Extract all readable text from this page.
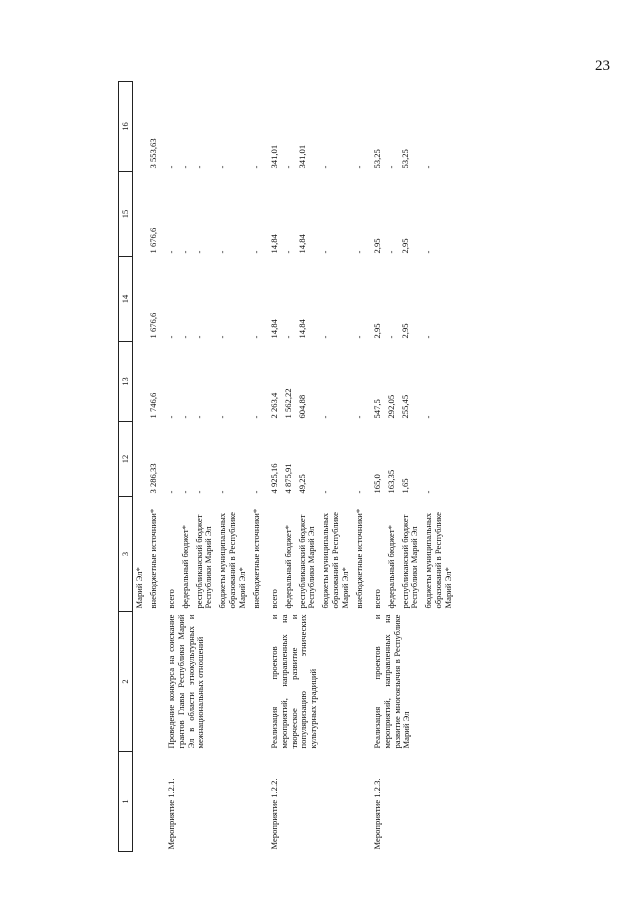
23
1	2	3	12	13	14	15	16
		Марий Эл*					
		внебюджетные источники*	3 286,33	1 746,6	1 676,6	1 676,6	3 553,63
Мероприятие 1.2.1.	Проведение конкурса на соискание грантов Главы Республики Марий Эл в области этнокультурных и межнациональных отношений	всего	-	-	-	-	-
		федеральный бюджет*	-	-	-	-	-
		республиканский бюджет Республики Марий Эл	-	-	-	-	-
		бюджеты муниципальных образований в Республике Марий Эл*	-	-	-	-	-
		внебюджетные источники*	-	-	-	-	-
Мероприятие 1.2.2.	Реализация проектов и мероприятий, направленных на творческое развитие и популяризацию этнических культурных традиций	всего	4 925,16	2 263,4	14,84	14,84	341,01
		федеральный бюджет*	4 875,91	1 562,22	-	-	-
		республиканский бюджет Республики Марий Эл	49,25	604,88	14,84	14,84	341,01
		бюджеты муниципальных образований в Республике Марий Эл*	-	-	-	-	-
		внебюджетные источники*	-	-	-	-	-
Мероприятие 1.2.3.	Реализация проектов и мероприятий, направленных на развитие многоязычия в Республике Марий Эл	всего	165,0	547,5	2,95	2,95	53,25
		федеральный бюджет*	163,35	292,05	-	-	-
		республиканский бюджет Республики Марий Эл	1,65	255,45	2,95	2,95	53,25
		бюджеты муниципальных образований в Республике Марий Эл*	-	-	-	-	-
